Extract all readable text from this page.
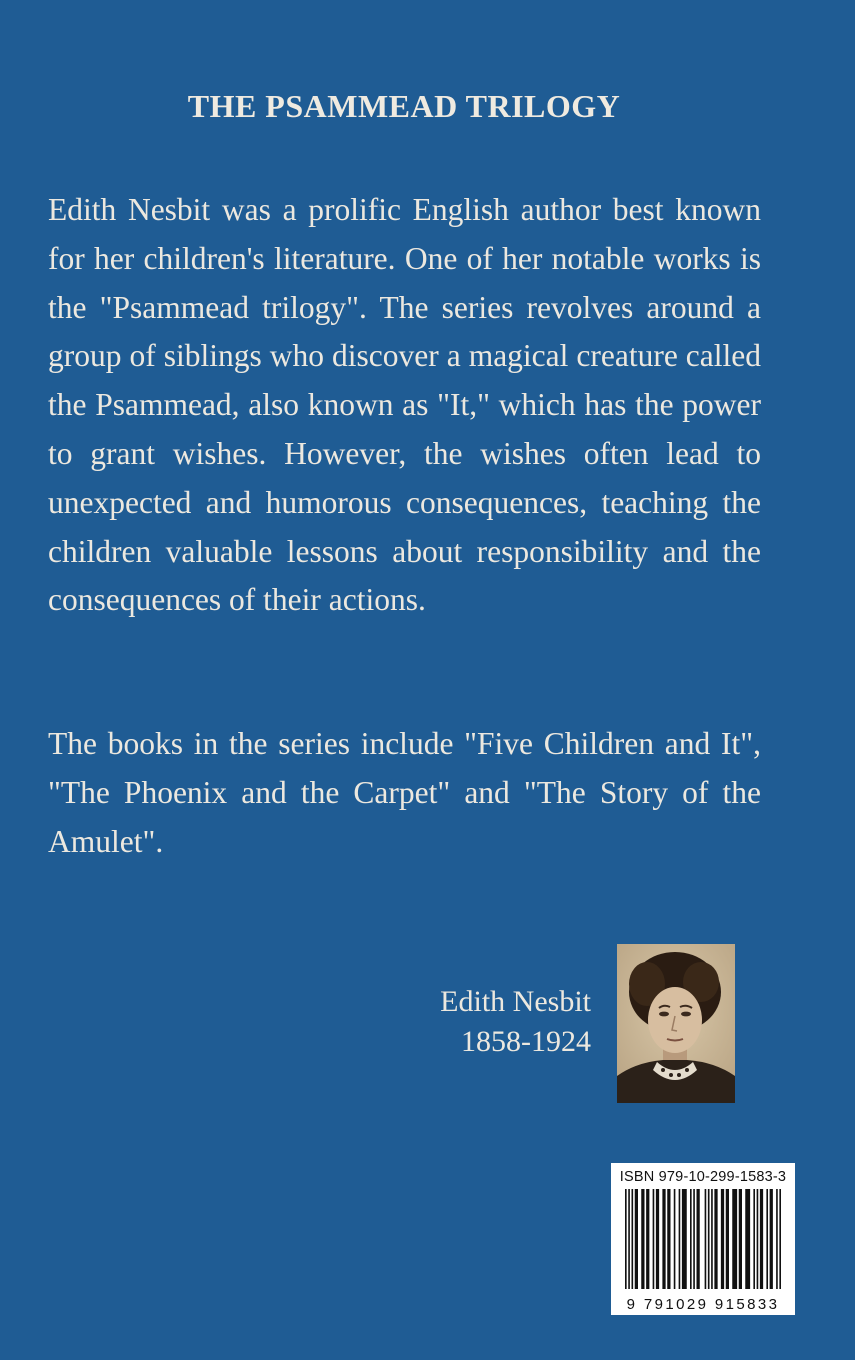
THE PSAMMEAD TRILOGY

Edith Nesbit was a prolific English author best known for her children's literature. One of her notable works is the "Psammead trilogy". The series revolves around a group of siblings who discover a magical creature called the Psammead, also known as "It," which has the power to grant wishes. However, the wishes often lead to unexpected and humorous consequences, teaching the children valuable lessons about responsibility and the consequences of their actions.

The books in the series include "Five Children and It", "The Phoenix and the Carpet" and "The Story of the Amulet".

Edith Nesbit
1858-1924
ISBN 979-10-299-1583-3
9 791029 915833
